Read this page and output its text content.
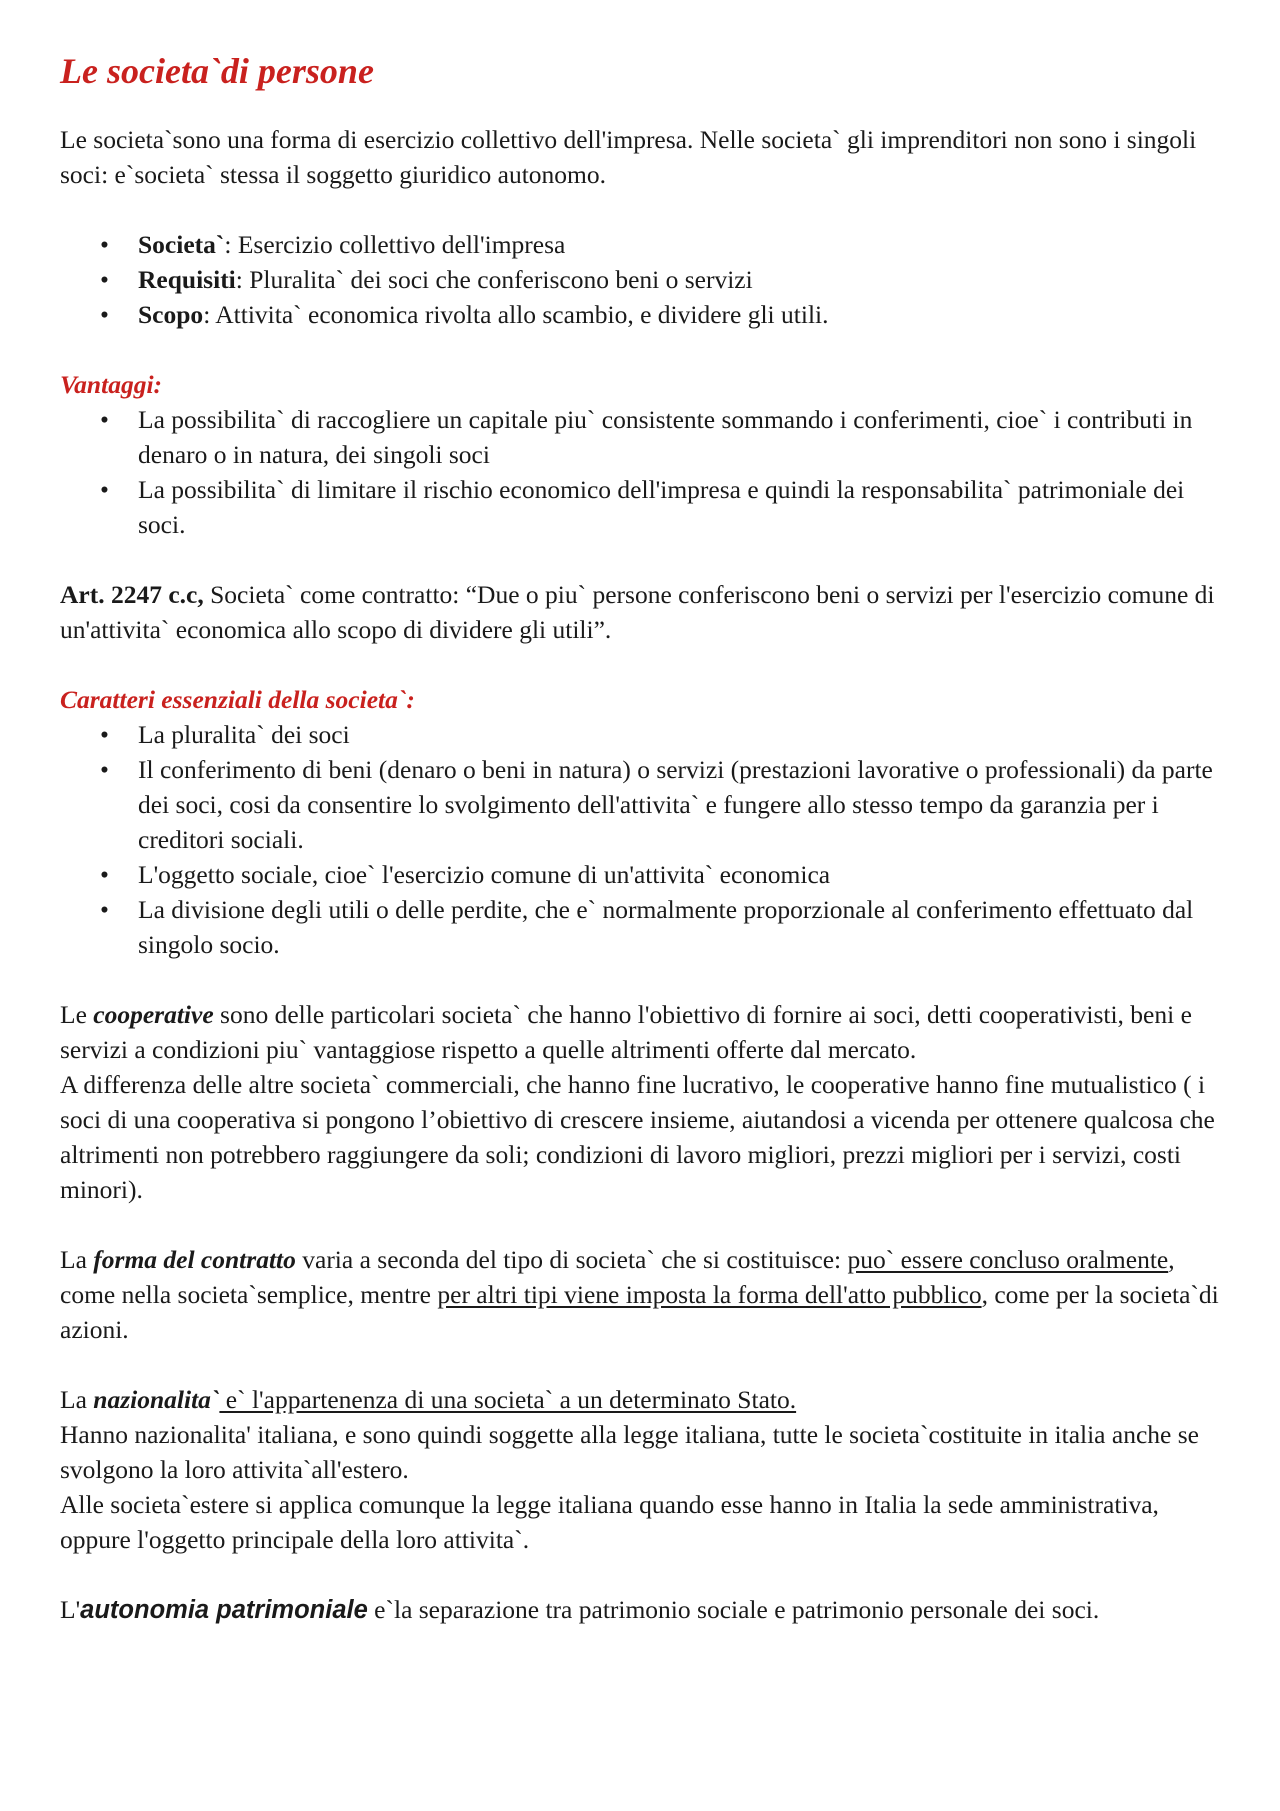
Le societa`di persone

Le societa`sono una forma di esercizio collettivo dell'impresa. Nelle societa` gli imprenditori non sono i singoli soci: e`societa` stessa il soggetto giuridico autonomo.

• Societa`: Esercizio collettivo dell'impresa
• Requisiti: Pluralita` dei soci che conferiscono beni o servizi
• Scopo: Attivita` economica rivolta allo scambio, e dividere gli utili.

Vantaggi:

• La possibilita` di raccogliere un capitale piu` consistente sommando i conferimenti, cioe` i contributi in denaro o in natura, dei singoli soci
• La possibilita` di limitare il rischio economico dell'impresa e quindi la responsabilita` patrimoniale dei soci.

Art. 2247 c.c, Societa` come contratto: “Due o piu` persone conferiscono beni o servizi per l'esercizio comune di un'attivita` economica allo scopo di dividere gli utili”.

Caratteri essenziali della societa`:

• La pluralita` dei soci
• Il conferimento di beni (denaro o beni in natura) o servizi (prestazioni lavorative o professionali) da parte dei soci, cosi da consentire lo svolgimento dell'attivita` e fungere allo stesso tempo da garanzia per i creditori sociali.
• L'oggetto sociale, cioe` l'esercizio comune di un'attivita` economica
• La divisione degli utili o delle perdite, che e` normalmente proporzionale al conferimento effettuato dal singolo socio.

Le cooperative sono delle particolari societa` che hanno l'obiettivo di fornire ai soci, detti cooperativisti, beni e servizi a condizioni piu` vantaggiose rispetto a quelle altrimenti offerte dal mercato.

A differenza delle altre societa` commerciali, che hanno fine lucrativo, le cooperative hanno fine mutualistico ( i soci di una cooperativa si pongono l’obiettivo di crescere insieme, aiutandosi a vicenda per ottenere qualcosa che altrimenti non potrebbero raggiungere da soli; condizioni di lavoro migliori, prezzi migliori per i servizi, costi minori).

La forma del contratto varia a seconda del tipo di societa` che si costituisce: puo` essere concluso oralmente, come nella societa`semplice, mentre per altri tipi viene imposta la forma dell'atto pubblico, come per la societa`di azioni.

La nazionalita` e` l'appartenenza di una societa` a un determinato Stato.

Hanno nazionalita' italiana, e sono quindi soggette alla legge italiana, tutte le societa`costituite in italia anche se svolgono la loro attivita`all'estero.

Alle societa`estere si applica comunque la legge italiana quando esse hanno in Italia la sede amministrativa, oppure l'oggetto principale della loro attivita`.

L'autonomia patrimoniale e`la separazione tra patrimonio sociale e patrimonio personale dei soci.
